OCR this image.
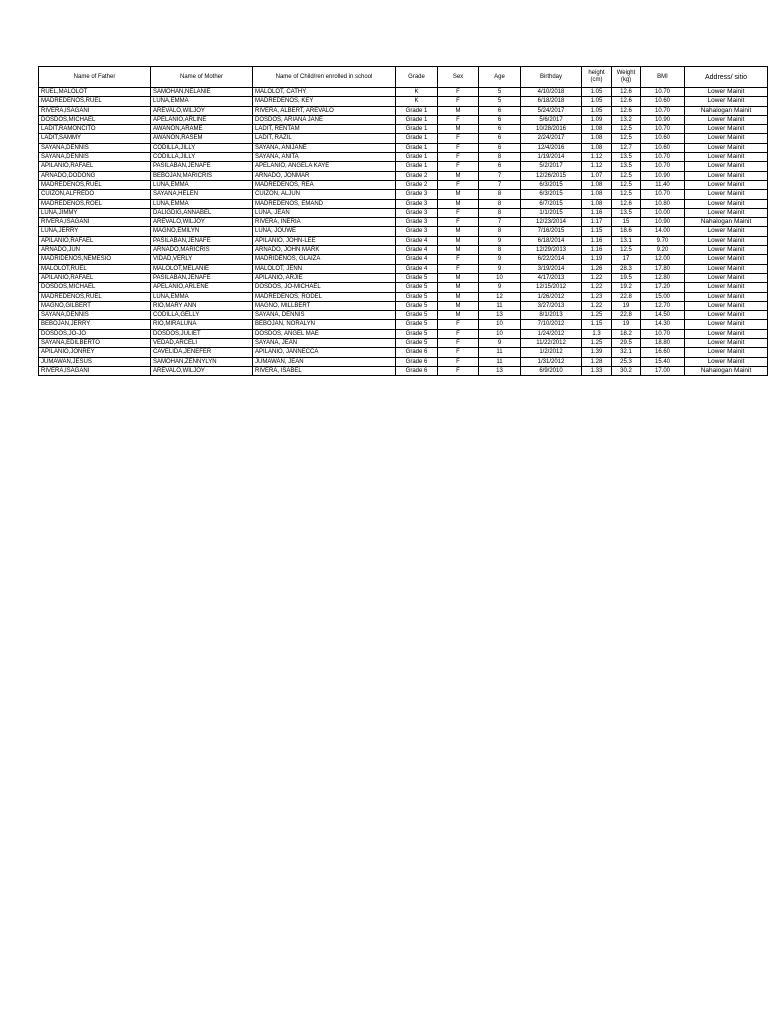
Name of Father	Name of Mother	Name of Child/ren enrolled in school	Grade	Sex	Age	Birthday	height (cm)	Weight (kg)	BMI	Address/ sitio
RUEL,MALOLOT	SAMOHAN,NELANIE	MALOLOT, CATHY	K	F	5	4/10/2018	1.05	12.6	10.70	Lower Mainit
MADREDEÑOS,RUEL	LUNA,EMMA	MADREDEÑOS, KEY	K	F	5	6/18/2018	1.05	12.6	10.60	Lower Mainit
RIVERA,ISAGANI	AREVALO,WILJOY	RIVERA, ALBERT, AREVALO	Grade 1	M	6	5/24/2017	1.05	12.6	10.70	Nahalogan Mainit
DOSDOS,MICHAEL	APELANIO,ARLINE	DOSDOS, ARIANA JANE	Grade 1	F	6	5/6/2017	1.09	13.2	10.90	Lower Mainit
LADIT,RAMONCITO	AWANON,ARAME	LADIT, RENTAM	Grade 1	M	6	10/28/2016	1.08	12.5	10.70	Lower Mainit
LADIT,SAMMY	AWANON,RASEM	LADIT, RAZIL	Grade 1	F	6	2/24/2017	1.08	12.5	10.60	Lower Mainit
SAYANA,DENNIS	CODILLA,JILLY	SAYANA, ANIJANE	Grade 1	F	6	12/4/2016	1.08	12.7	10.60	Lower Mainit
SAYANA,DENNIS	CODILLA,JILLY	SAYANA, ANITA	Grade 1	F	8	1/19/2014	1.12	13.5	10.70	Lower Mainit
APILANIO,RAFAEL	PASILABAN,JENAFE	APELANIO, ANGELA KAYE	Grade 1	F	6	5/2/2017	1.12	13.5	10.70	Lower Mainit
ARNADO,DODONG	BEBOJAN,MARICRIS	ARNADO, JONMAR	Grade 2	M	7	12/26/2015	1.07	12.5	10.90	Lower Mainit
MADREDENOS,RUEL	LUNA,EMMA	MADREDENOS, REA	Grade 2	F	7	6/3/2015	1.08	12.5	11.40	Lower Mainit
CUIZON,ALFREDO	SAYANA,HELEN	CUIZON, ALJUN	Grade 3	M	8	6/3/2015	1.08	12.5	10.70	Lower Mainit
MADREDENOS,ROEL	LUNA,EMMA	MADREDENOS, EMAND	Grade 3	M	8	6/7/2015	1.08	12.6	10.80	Lower Mainit
LUNA,JIMMY	DALIGDIG,ANNABEL	LUNA, JEAN	Grade 3	F	8	1/1/2015	1.16	13.5	10.00	Lower Mainit
RIVERA,ISAGANI	AREVALO,WILJOY	RIVERA, INERIA	Grade 3	F	7	12/23/2014	1.17	15	10.90	Nahalogan Mainit
LUNA,JERRY	MAGNO,EMILYN	LUNA, JOUWE	Grade 3	M	8	7/16/2015	1.15	18.6	14.00	Lower Mainit
APILANIO,RAFAEL	PASILABAN,JENAFE	APILANIO, JOHN-LEE	Grade 4	M	9	6/18/2014	1.16	13.1	9.70	Lower Mainit
ARNADO,JUN	ARNADO,MARICRIS	ARNADO, JOHN MARK	Grade 4	M	8	12/29/2013	1.16	12.5	9.20	Lower Mainit
MADRIDEÑOS,NEMESIO	VIDAD,VERLY	MADRIDEÑOS, GLAIZA	Grade 4	F	9	6/22/2014	1.19	17	12.00	Lower Mainit
MALOLOT,RUEL	MALOLOT,MELANIE	MALOLOT, JENN	Grade 4	F	9	3/19/2014	1.26	28.3	17.80	Lower Mainit
APILANIO,RAFAEL	PASILABAN,JENAFE	APILANIO, ARJIE	Grade 5	M	10	4/17/2013	1.22	19.5	12.80	Lower Mainit
DOSDOS,MICHAEL	APELANIO,ARLENE	DOSDOS, JO-MICHAEL	Grade 5	M	9	12/15/2012	1.22	19.2	17.20	Lower Mainit
MADREDENOS,RUEL	LUNA,EMMA	MADREDENOS, RODEL	Grade 5	M	12	1/26/2012	1.23	22.8	15.00	Lower Mainit
MAGNO,GILBERT	RIO,MARY ANN	MAGNO, MILLBERT	Grade 5	M	11	3/27/2013	1.22	19	12.70	Lower Mainit
SAYANA,DENNIS	CODILLA,GELLY	SAYANA, DENNIS	Grade 5	M	13	8/1/2013	1.25	22.8	14.50	Lower Mainit
BEBOJAN,JERRY	RIO,MIRALUNA	BEBOJAN, NORALYN	Grade 5	F	10	7/10/2012	1.15	19	14.30	Lower Mainit
DOSDOS,JO-JO	DOSDOS,JULIET	DOSDOS, ANGEL MAE	Grade 5	F	10	1/24/2012	1.3	18.2	10.70	Lower Mainit
SAYANA,EDILBERTO	VEDAD,ARCELI	SAYANA, JEAN	Grade 5	F	9	11/22/2012	1.25	29.5	18.80	Lower Mainit
APILANIO,JONREY	CAVELIDA,JENEFER	APILANIO, JANNECCA	Grade 6	F	11	1/2/2012	1.39	32.1	16.60	Lower Mainit
JUMAWAN,JESUS	SAMOHAN,ZENNYLYN	JUMAWAN, JEAN	Grade 6	F	11	1/31/2012	1.28	25.3	15.40	Lower Mainit
RIVERA,ISAGANI	AREVALO,WILJOY	RIVERA, ISABEL	Grade 6	F	13	6/9/2010	1.33	30.2	17.00	Nahalogan Mainit
